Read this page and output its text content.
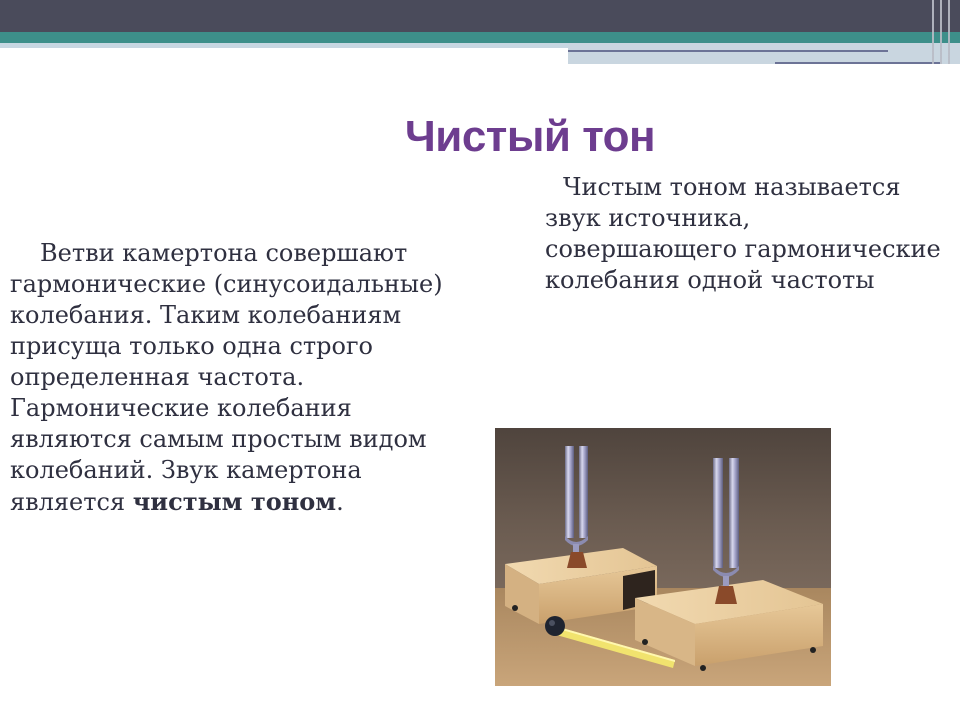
Чистый тон

Чистым тоном называется звук источника, совершающего гармонические колебания одной частоты

Ветви камертона совершают гармонические (синусоидальные) колебания. Таким колебаниям присуща только одна строго определенная частота. Гармонические колебания являются самым простым видом колебаний. Звук камертона является чистым тоном.
